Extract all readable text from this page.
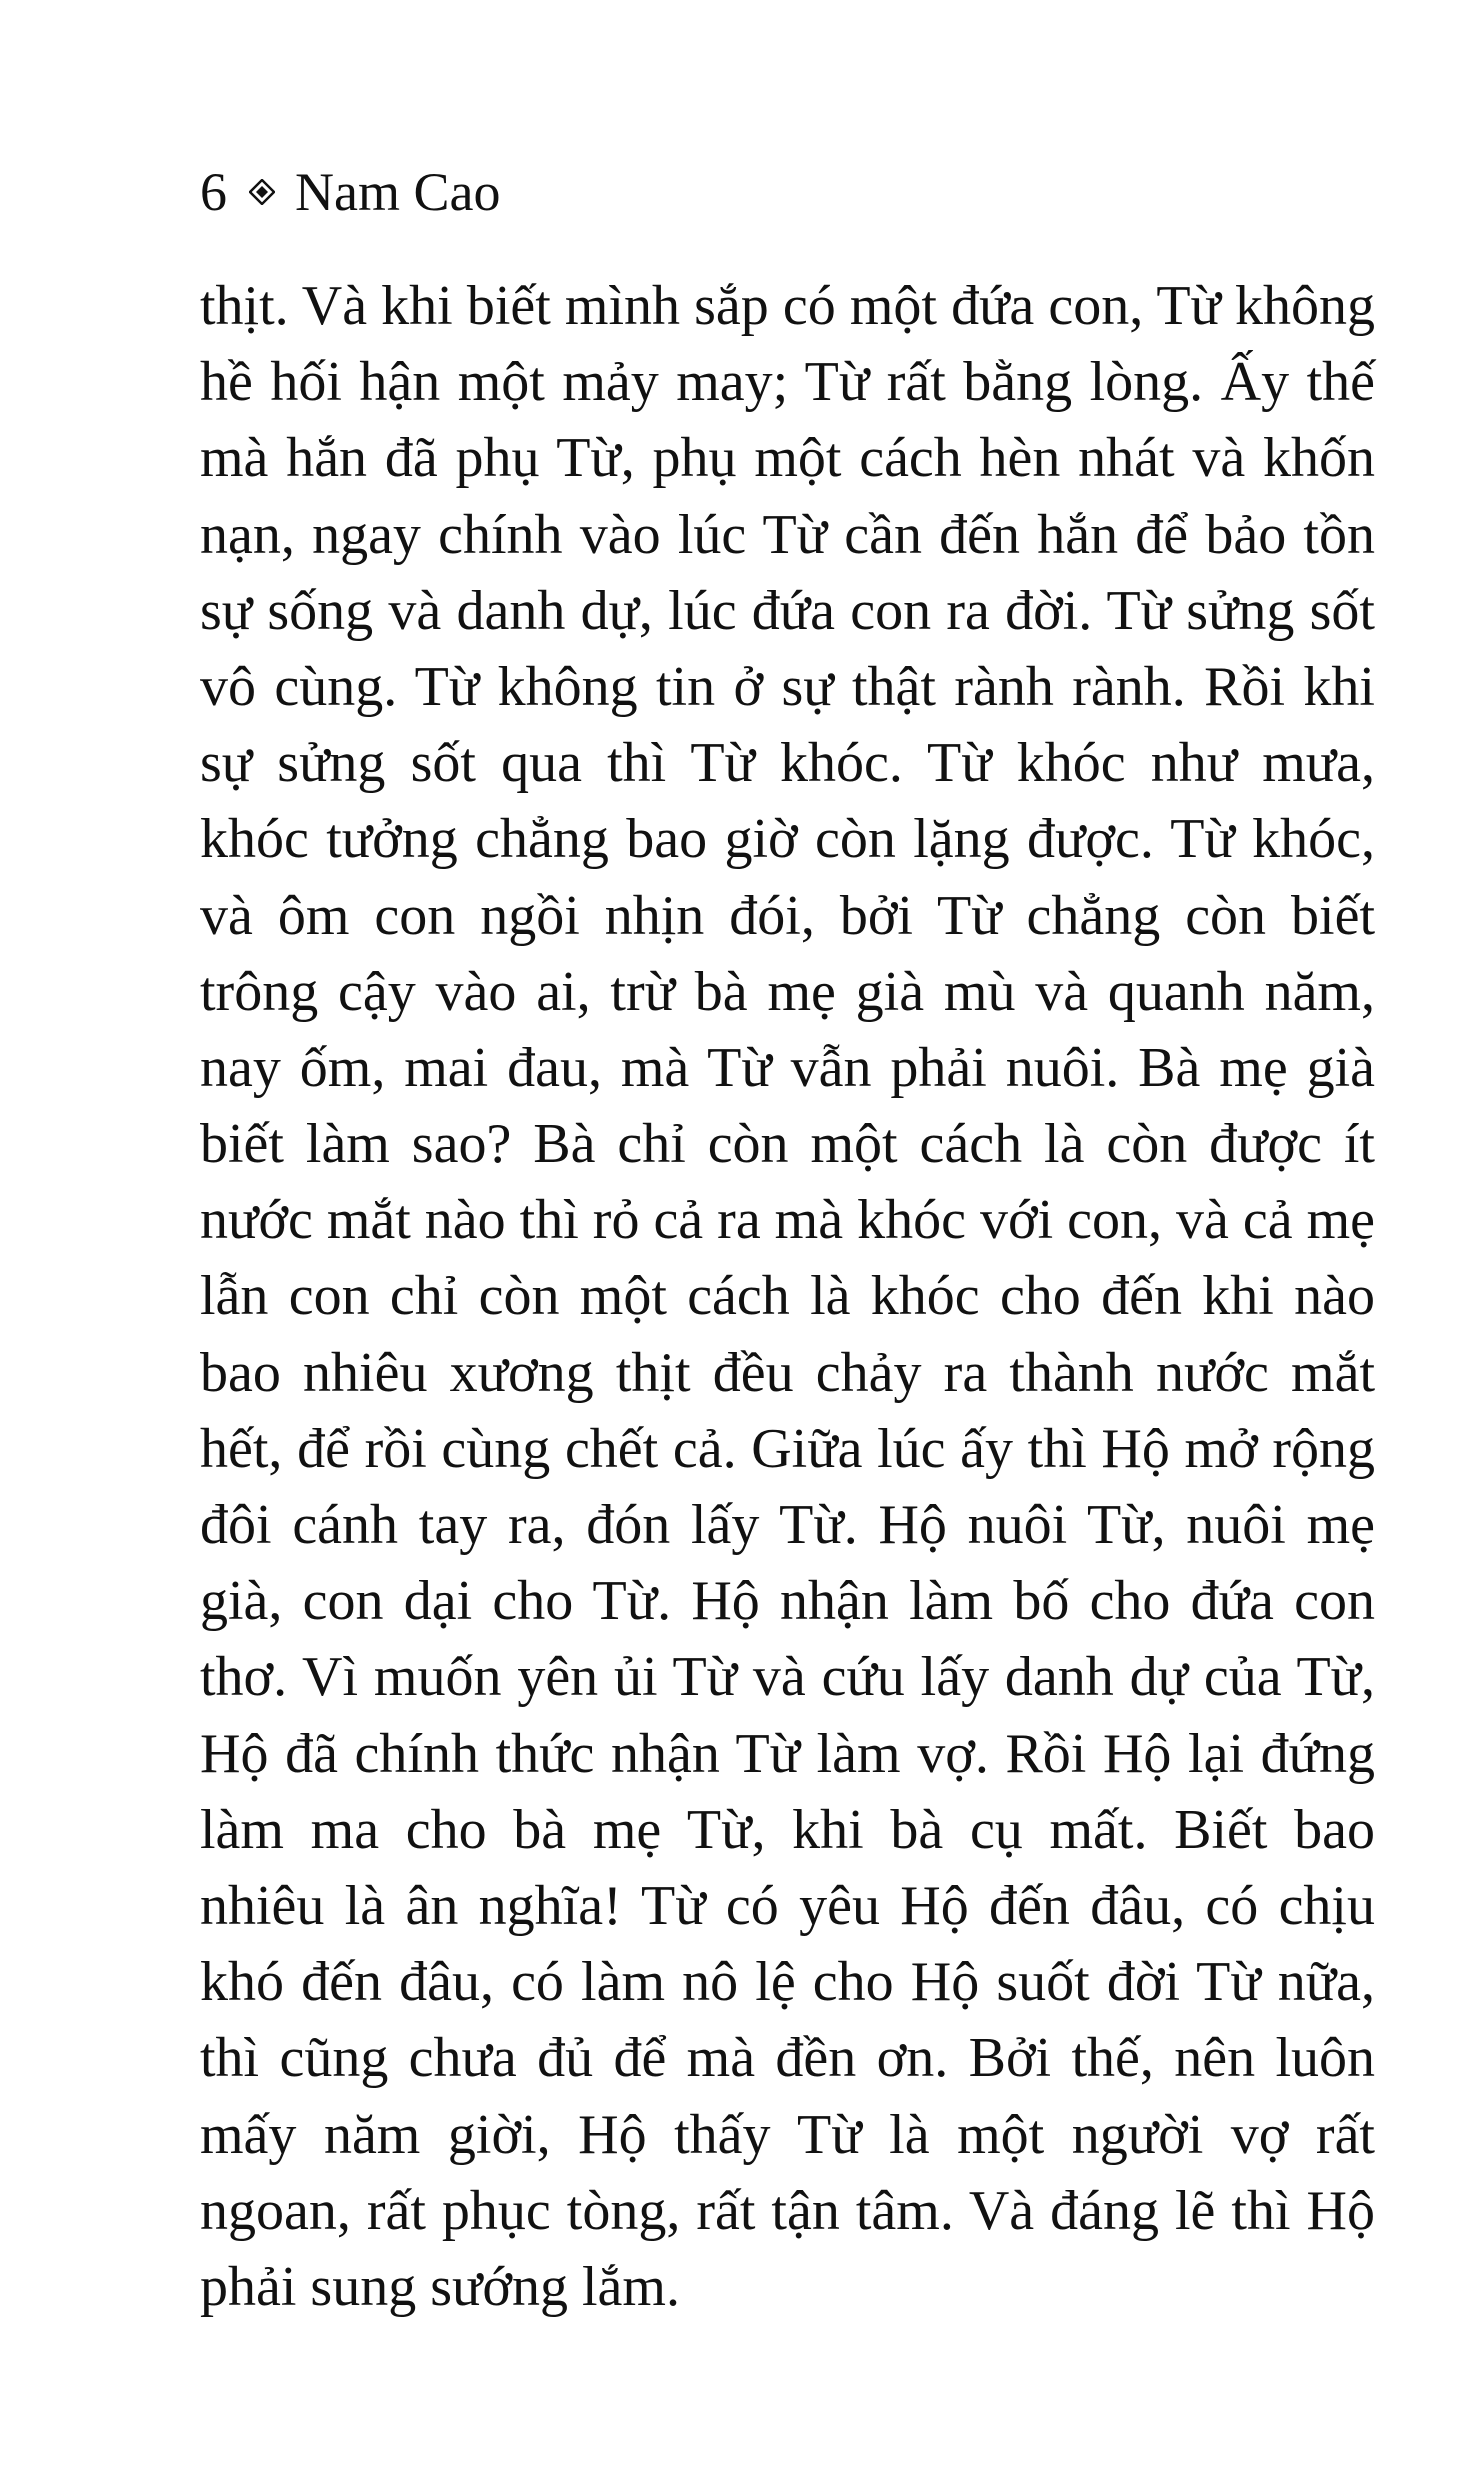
6 Nam Cao
thịt. Và khi biết mình sắp có một đứa con, Từ không
hề hối hận một mảy may; Từ rất bằng lòng. Ấy thế
mà hắn đã phụ Từ, phụ một cách hèn nhát và khốn
nạn, ngay chính vào lúc Từ cần đến hắn để bảo tồn
sự sống và danh dự, lúc đứa con ra đời. Từ sửng sốt
vô cùng. Từ không tin ở sự thật rành rành. Rồi khi
sự sửng sốt qua thì Từ khóc. Từ khóc như mưa,
khóc tưởng chẳng bao giờ còn lặng được. Từ khóc,
và ôm con ngồi nhịn đói, bởi Từ chẳng còn biết
trông cậy vào ai, trừ bà mẹ già mù và quanh năm,
nay ốm, mai đau, mà Từ vẫn phải nuôi. Bà mẹ già
biết làm sao? Bà chỉ còn một cách là còn được ít
nước mắt nào thì rỏ cả ra mà khóc với con, và cả mẹ
lẫn con chỉ còn một cách là khóc cho đến khi nào
bao nhiêu xương thịt đều chảy ra thành nước mắt
hết, để rồi cùng chết cả. Giữa lúc ấy thì Hộ mở rộng
đôi cánh tay ra, đón lấy Từ. Hộ nuôi Từ, nuôi mẹ
già, con dại cho Từ. Hộ nhận làm bố cho đứa con
thơ. Vì muốn yên ủi Từ và cứu lấy danh dự của Từ,
Hộ đã chính thức nhận Từ làm vợ. Rồi Hộ lại đứng
làm ma cho bà mẹ Từ, khi bà cụ mất. Biết bao
nhiêu là ân nghĩa! Từ có yêu Hộ đến đâu, có chịu
khó đến đâu, có làm nô lệ cho Hộ suốt đời Từ nữa,
thì cũng chưa đủ để mà đền ơn. Bởi thế, nên luôn
mấy năm giời, Hộ thấy Từ là một người vợ rất
ngoan, rất phục tòng, rất tận tâm. Và đáng lẽ thì Hộ
phải sung sướng lắm.
